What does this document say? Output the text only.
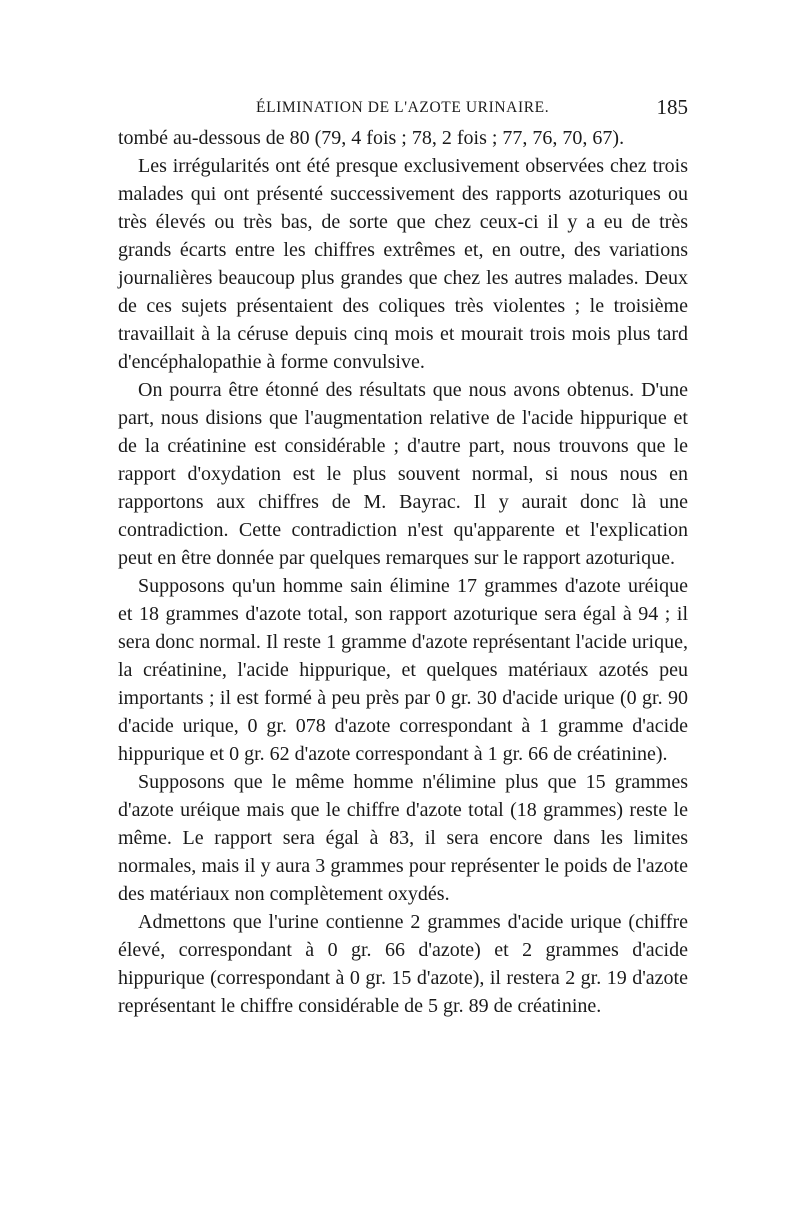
ÉLIMINATION DE L'AZOTE URINAIRE.	185

tombé au-dessous de 80 (79, 4 fois ; 78, 2 fois ; 77, 76, 70, 67).

Les irrégularités ont été presque exclusivement observées chez trois malades qui ont présenté successivement des rapports azoturiques ou très élevés ou très bas, de sorte que chez ceux-ci il y a eu de très grands écarts entre les chiffres extrêmes et, en outre, des variations journalières beaucoup plus grandes que chez les autres malades. Deux de ces sujets présentaient des coliques très violentes ; le troisième travaillait à la céruse depuis cinq mois et mourait trois mois plus tard d'encéphalopathie à forme convulsive.

On pourra être étonné des résultats que nous avons obtenus. D'une part, nous disions que l'augmentation relative de l'acide hippurique et de la créatinine est considérable ; d'autre part, nous trouvons que le rapport d'oxydation est le plus souvent normal, si nous nous en rapportons aux chiffres de M. Bayrac. Il y aurait donc là une contradiction. Cette contradiction n'est qu'apparente et l'explication peut en être donnée par quelques remarques sur le rapport azoturique.

Supposons qu'un homme sain élimine 17 grammes d'azote uréique et 18 grammes d'azote total, son rapport azoturique sera égal à 94 ; il sera donc normal. Il reste 1 gramme d'azote représentant l'acide urique, la créatinine, l'acide hippurique, et quelques matériaux azotés peu importants ; il est formé à peu près par 0 gr. 30 d'acide urique (0 gr. 90 d'acide urique, 0 gr. 078 d'azote correspondant à 1 gramme d'acide hippurique et 0 gr. 62 d'azote correspondant à 1 gr. 66 de créatinine).

Supposons que le même homme n'élimine plus que 15 grammes d'azote uréique mais que le chiffre d'azote total (18 grammes) reste le même. Le rapport sera égal à 83, il sera encore dans les limites normales, mais il y aura 3 grammes pour représenter le poids de l'azote des matériaux non complètement oxydés.

Admettons que l'urine contienne 2 grammes d'acide urique (chiffre élevé, correspondant à 0 gr. 66 d'azote) et 2 grammes d'acide hippurique (correspondant à 0 gr. 15 d'azote), il restera 2 gr. 19 d'azote représentant le chiffre considérable de 5 gr. 89 de créatinine.
